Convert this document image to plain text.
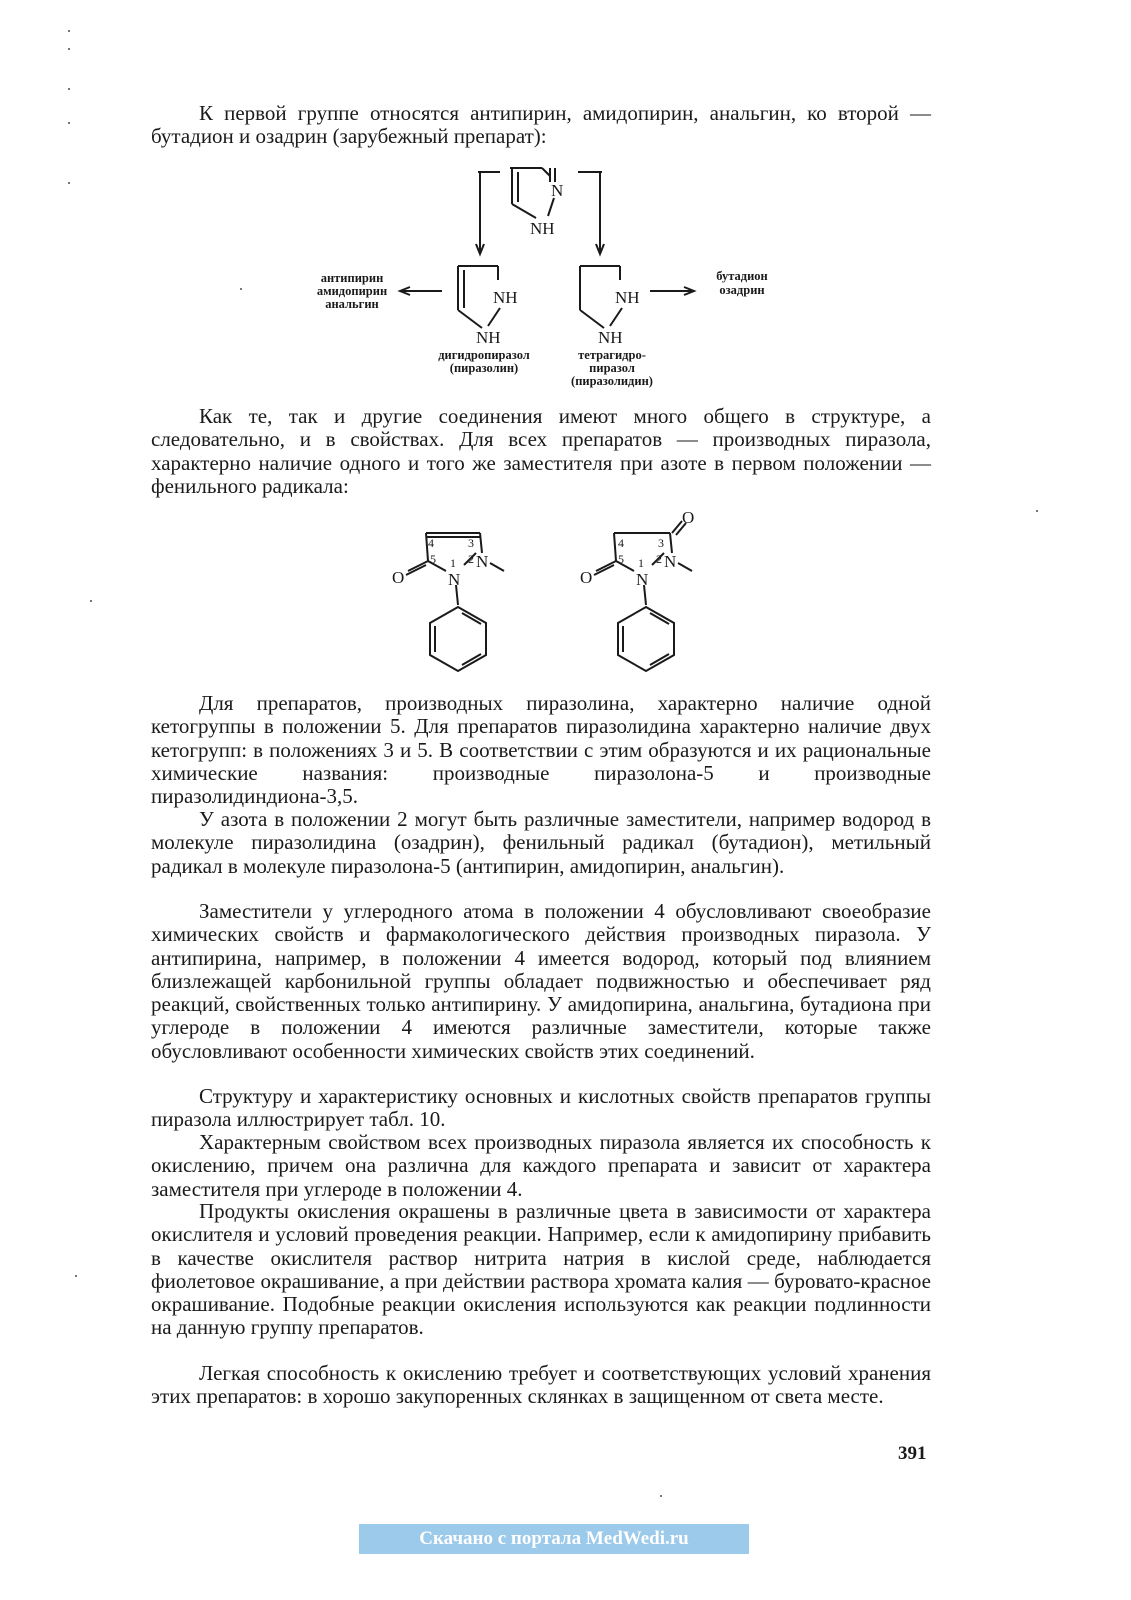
К первой группе относятся антипирин, амидопирин, анальгин, ко второй — бутадион и озадрин (зарубежный препарат):

N
NH
NH
NH
NH
NH
антипирин
амидопирин
анальгин
бутадион
озадрин
дигидропиразол
(пиразолин)
тетрагидро-
пиразол
(пиразолидин)

Как те, так и другие соединения имеют много общего в структуре, а следовательно, и в свойствах. Для всех препаратов — производных пиразола, характерно наличие одного и того же заместителя при азоте в первом положении — фенильного радикала:

O	N
N
4	3
5 1 2
O
O	N
N
4	3
5 1 2

Для препаратов, производных пиразолина, характерно наличие одной кетогруппы в положении 5. Для препаратов пиразолидина характерно наличие двух кетогрупп: в положениях 3 и 5. В соответствии с этим образуются и их рациональные химические названия: производные пиразолона-5 и производные пиразолидиндиона-3,5.

У азота в положении 2 могут быть различные заместители, например водород в молекуле пиразолидина (озадрин), фенильный радикал (бутадион), метильный радикал в молекуле пиразолона-5 (антипирин, амидопирин, анальгин).

Заместители у углеродного атома в положении 4 обусловливают своеобразие химических свойств и фармакологического действия производных пиразола. У антипирина, например, в положении 4 имеется водород, который под влиянием близлежащей карбонильной группы обладает подвижностью и обеспечивает ряд реакций, свойственных только антипирину. У амидопирина, анальгина, бутадиона при углероде в положении 4 имеются различные заместители, которые также обусловливают особенности химических свойств этих соединений.

Структуру и характеристику основных и кислотных свойств препаратов группы пиразола иллюстрирует табл. 10.

Характерным свойством всех производных пиразола является их способность к окислению, причем она различна для каждого препарата и зависит от характера заместителя при углероде в положении 4.

Продукты окисления окрашены в различные цвета в зависимости от характера окислителя и условий проведения реакции. Например, если к амидопирину прибавить в качестве окислителя раствор нитрита натрия в кислой среде, наблюдается фиолетовое окрашивание, а при действии раствора хромата калия — буровато-красное окрашивание. Подобные реакции окисления используются как реакции подлинности на данную группу препаратов.

Легкая способность к окислению требует и соответствующих условий хранения этих препаратов: в хорошо закупоренных склянках в защищенном от света месте.

391
Скачано с портала MedWedi.ru
